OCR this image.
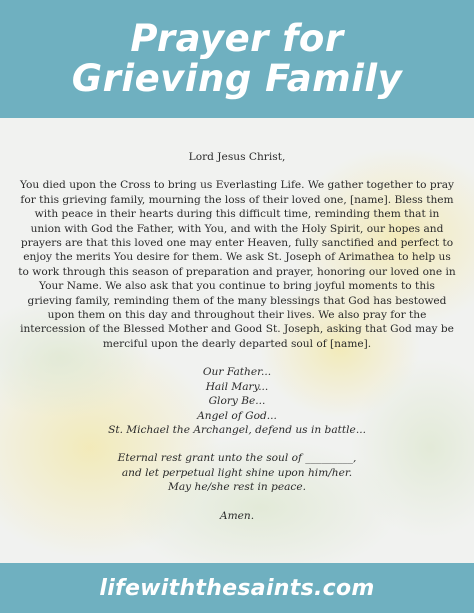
Prayer for
Grieving Family

Lord Jesus Christ,

You died upon the Cross to bring us Everlasting Life. We gather together to pray for this grieving family, mourning the loss of their loved one, [name]. Bless them with peace in their hearts during this difficult time, reminding them that in union with God the Father, with You, and with the Holy Spirit, our hopes and prayers are that this loved one may enter Heaven, fully sanctified and perfect to enjoy the merits You desire for them. We ask St. Joseph of Arimathea to help us to work through this season of preparation and prayer, honoring our loved one in Your Name. We also ask that you continue to bring joyful moments to this grieving family, reminding them of the many blessings that God has bestowed upon them on this day and throughout their lives. We also pray for the intercession of the Blessed Mother and Good St. Joseph, asking that God may be merciful upon the dearly departed soul of [name].

Our Father...
Hail Mary...
Glory Be...
Angel of God...
St. Michael the Archangel, defend us in battle...
Eternal rest grant unto the soul of _________,
and let perpetual light shine upon him/her.
May he/she rest in peace.
Amen.
lifewiththesaints.com
